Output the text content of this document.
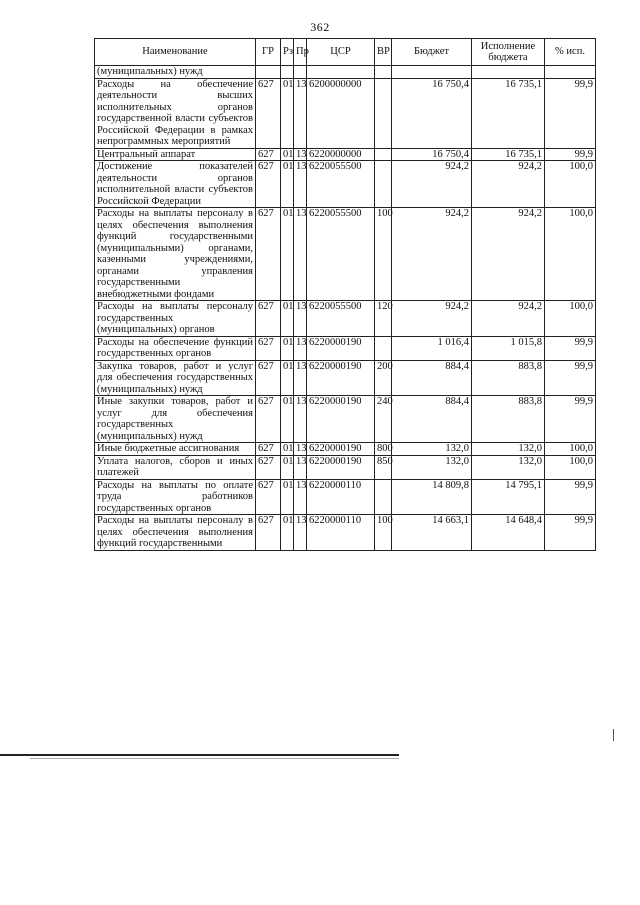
362
Наименование	ГР	Рз	Пр	ЦСР	ВР	Бюджет	Исполнение бюджета	% исп.
(муниципальных) нужд								
Расходы на обеспечение деятельности высших исполнительных органов государственной власти субъектов Российской Федерации в рамках непрограммных мероприятий	627	01	13	6200000000		16 750,4	16 735,1	99,9
Центральный аппарат	627	01	13	6220000000		16 750,4	16 735,1	99,9
Достижение показателей деятельности органов исполнительной власти субъектов Российской Федерации	627	01	13	6220055500		924,2	924,2	100,0
Расходы на выплаты персоналу в целях обеспечения выполнения функций государственными (муниципальными) органами, казенными учреждениями, органами управления государственными внебюджетными фондами	627	01	13	6220055500	100	924,2	924,2	100,0
Расходы на выплаты персоналу государственных (муниципальных) органов	627	01	13	6220055500	120	924,2	924,2	100,0
Расходы на обеспечение функций государственных органов	627	01	13	6220000190		1 016,4	1 015,8	99,9
Закупка товаров, работ и услуг для обеспечения государственных (муниципальных) нужд	627	01	13	6220000190	200	884,4	883,8	99,9
Иные закупки товаров, работ и услуг для обеспечения государственных (муниципальных) нужд	627	01	13	6220000190	240	884,4	883,8	99,9
Иные бюджетные ассигнования	627	01	13	6220000190	800	132,0	132,0	100,0
Уплата налогов, сборов и иных платежей	627	01	13	6220000190	850	132,0	132,0	100,0
Расходы на выплаты по оплате труда работников государственных органов	627	01	13	6220000110		14 809,8	14 795,1	99,9
Расходы на выплаты персоналу в целях обеспечения выполнения функций государственными	627	01	13	6220000110	100	14 663,1	14 648,4	99,9
